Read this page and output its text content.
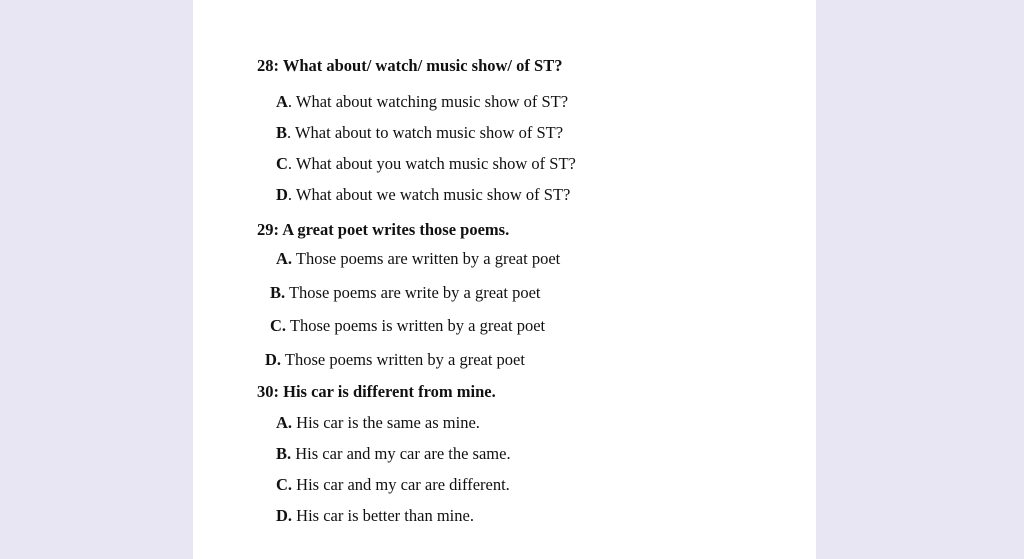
28: What about/ watch/ music show/ of ST?
A. What about watching music show of ST?
B. What about to watch music show of ST?
C. What about you watch music show of ST?
D. What about we watch music show of ST?
29: A great poet writes those poems.
A. Those poems are written by a great poet
B. Those poems are write by a great poet
C. Those poems is written by a great poet
D. Those poems written by a great poet
30: His car is different from mine.
A. His car is the same as mine.
B. His car and my car are the same.
C. His car and my car are different.
D. His car is better than mine.
